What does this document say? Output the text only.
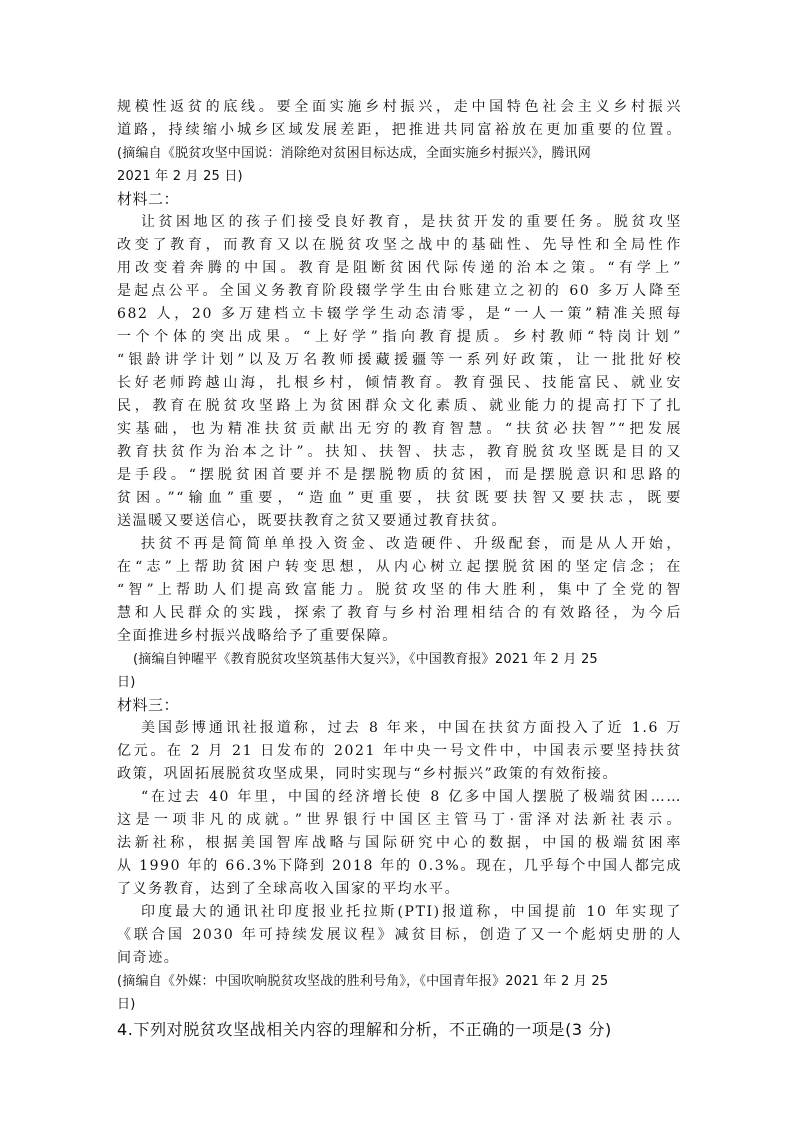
规模性返贫的底线。要全面实施乡村振兴，走中国特色社会主义乡村振兴
道路，持续缩小城乡区域发展差距，把推进共同富裕放在更加重要的位置。
(摘编自《脱贫攻坚中国说：消除绝对贫困目标达成，全面实施乡村振兴》，腾讯网
2021 年 2 月 25 日)
材料二：
让贫困地区的孩子们接受良好教育，是扶贫开发的重要任务。脱贫攻坚
改变了教育，而教育又以在脱贫攻坚之战中的基础性、先导性和全局性作
用改变着奔腾的中国。教育是阻断贫困代际传递的治本之策。“有学上”
是起点公平。全国义务教育阶段辍学学生由台账建立之初的 60 多万人降至
682 人，20 多万建档立卡辍学学生动态清零，是“一人一策”精准关照每
一个个体的突出成果。“上好学”指向教育提质。乡村教师“特岗计划”
“银龄讲学计划”以及万名教师援藏援疆等一系列好政策，让一批批好校
长好老师跨越山海，扎根乡村，倾情教育。教育强民、技能富民、就业安
民，教育在脱贫攻坚路上为贫困群众文化素质、就业能力的提高打下了扎
实基础，也为精准扶贫贡献出无穷的教育智慧。“扶贫必扶智”“把发展
教育扶贫作为治本之计”。扶知、扶智、扶志，教育脱贫攻坚既是目的又
是手段。“摆脱贫困首要并不是摆脱物质的贫困，而是摆脱意识和思路的
贫困。”“输血”重要，“造血”更重要，扶贫既要扶智又要扶志，既要
送温暖又要送信心，既要扶教育之贫又要通过教育扶贫。
扶贫不再是简简单单投入资金、改造硬件、升级配套，而是从人开始，
在“志”上帮助贫困户转变思想，从内心树立起摆脱贫困的坚定信念；在
“智”上帮助人们提高致富能力。脱贫攻坚的伟大胜利，集中了全党的智
慧和人民群众的实践，探索了教育与乡村治理相结合的有效路径，为今后
全面推进乡村振兴战略给予了重要保障。
(摘编自钟曜平《教育脱贫攻坚筑基伟大复兴》，《中国教育报》2021 年 2 月 25
日)
材料三：
美国彭博通讯社报道称，过去 8 年来，中国在扶贫方面投入了近 1.6 万
亿元。在 2 月 21 日发布的 2021 年中央一号文件中，中国表示要坚持扶贫
政策，巩固拓展脱贫攻坚成果，同时实现与“乡村振兴”政策的有效衔接。
“在过去 40 年里，中国的经济增长使 8 亿多中国人摆脱了极端贫困……
这是一项非凡的成就。”世界银行中国区主管马丁·雷泽对法新社表示。
法新社称，根据美国智库战略与国际研究中心的数据，中国的极端贫困率
从 1990 年的 66.3%下降到 2018 年的 0.3%。现在，几乎每个中国人都完成
了义务教育，达到了全球高收入国家的平均水平。
印度最大的通讯社印度报业托拉斯(PTI)报道称，中国提前 10 年实现了
《联合国 2030 年可持续发展议程》减贫目标，创造了又一个彪炳史册的人
间奇迹。
(摘编自《外媒：中国吹响脱贫攻坚战的胜利号角》，《中国青年报》2021 年 2 月 25
日)
4.下列对脱贫攻坚战相关内容的理解和分析，不正确的一项是(3 分)
